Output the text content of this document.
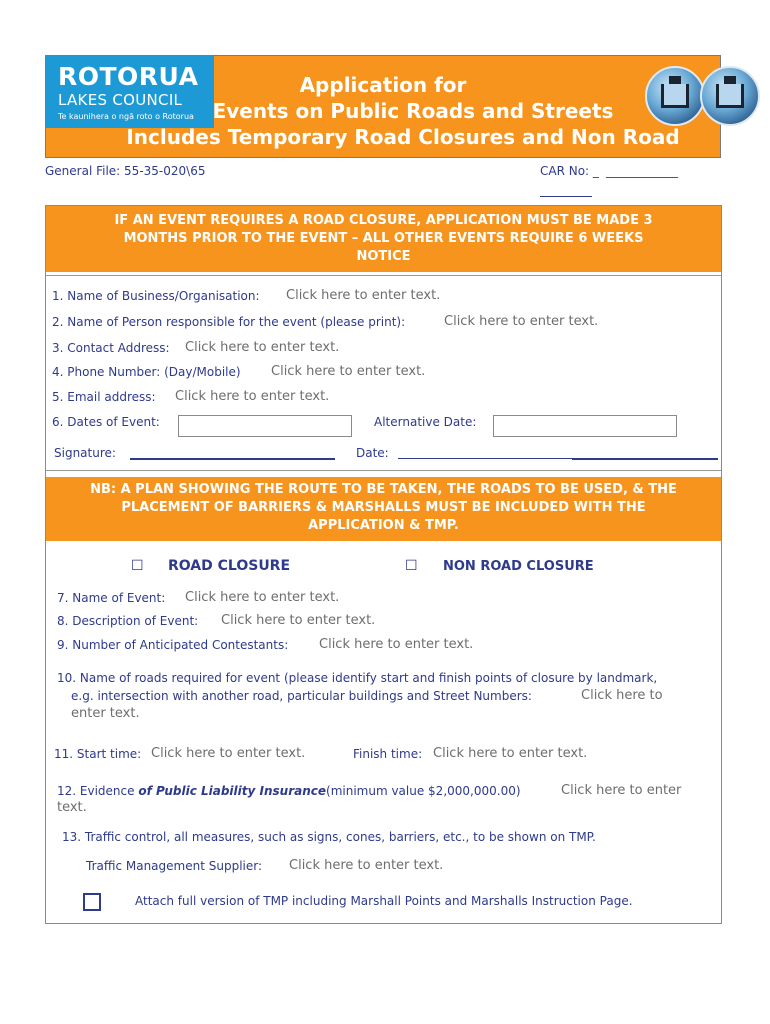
ROTORUA
LAKES COUNCIL
Te kaunihera o ngā roto o Rotorua
Application for
Events on Public Roads and Streets
Includes Temporary Road Closures and Non Road
General File: 55-35-020\65	CAR No: _ ____________
IF AN EVENT REQUIRES A ROAD CLOSURE, APPLICATION MUST BE MADE 3
MONTHS PRIOR TO THE EVENT – ALL OTHER EVENTS REQUIRE 6 WEEKS
NOTICE
1. Name of Business/Organisation: Click here to enter text.
2. Name of Person responsible for the event (please print):	Click here to enter text.
3. Contact Address: Click here to enter text.
4. Phone Number: (Day/Mobile) Click here to enter text.
5. Email address: Click here to enter text.
6. Dates of Event:	Alternative Date:
Signature:	Date:
NB: A PLAN SHOWING THE ROUTE TO BE TAKEN, THE ROADS TO BE USED, & THE
PLACEMENT OF BARRIERS & MARSHALLS MUST BE INCLUDED WITH THE
APPLICATION & TMP.
☐ ROAD CLOSURE	☐ NON ROAD CLOSURE
7. Name of Event: Click here to enter text.
8. Description of Event: Click here to enter text.
9. Number of Anticipated Contestants: Click here to enter text.
10. Name of roads required for event (please identify start and finish points of closure by landmark,
e.g. intersection with another road, particular buildings and Street Numbers:	Click here to
enter text.
11. Start time: Click here to enter text.	Finish time: Click here to enter text.
12. Evidence of Public Liability Insurance(minimum value $2,000,000.00)	Click here to enter
text.
13. Traffic control, all measures, such as signs, cones, barriers, etc., to be shown on TMP.
Traffic Management Supplier: Click here to enter text.
Attach full version of TMP including Marshall Points and Marshalls Instruction Page.
